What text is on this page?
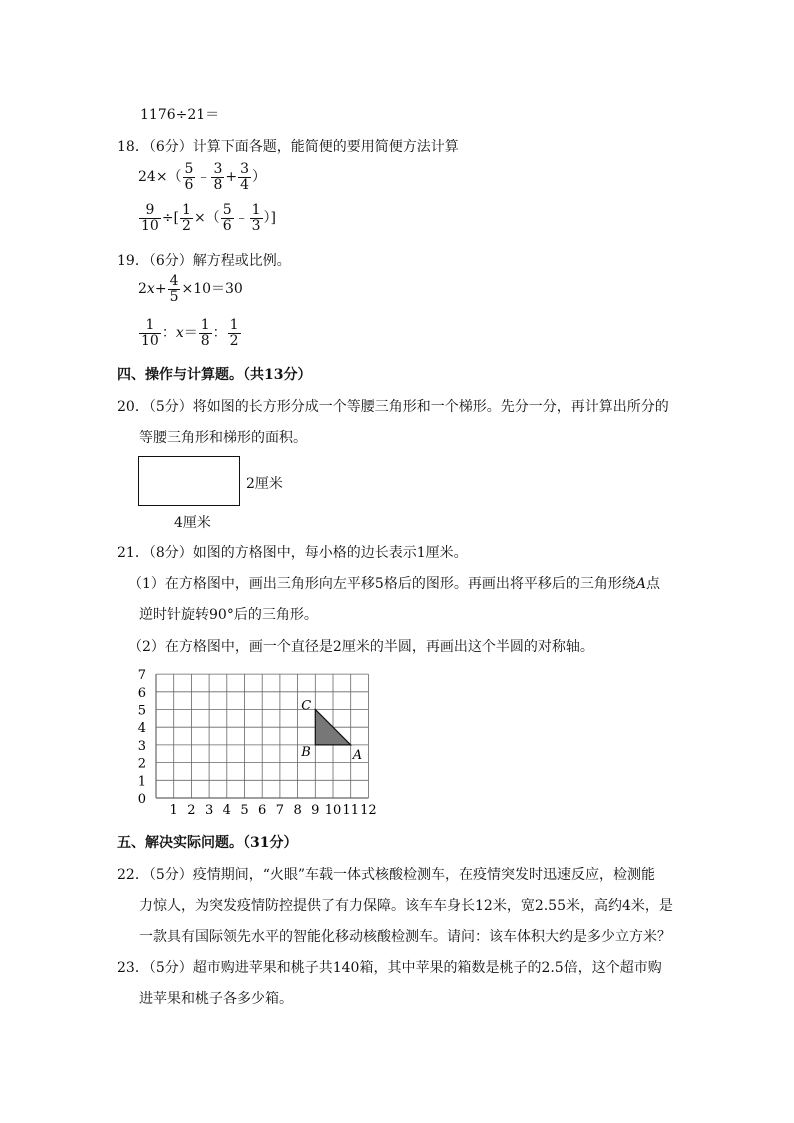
1176÷21＝
18．（6分）计算下面各题，能简便的要用简便方法计算
$24\times( \frac{5}{6}$ ﹣ $\frac{3}{8} + \frac{3}{4}$ ）
$\frac{9}{10}$ ÷[ $\frac{1}{2}$ ×（ $\frac{5}{6}$ ﹣ $\frac{1}{3}$ ）]
19．（6分）解方程或比例。
$2x+ \frac{4}{5} \times 10=30$
$\frac{1}{10}$ ：$x= \frac{1}{8}$ ： $\frac{1}{2}$
四、操作与计算题。（共13分）
20．（5分）将如图的长方形分成一个等腰三角形和一个梯形。先分一分，再计算出所分的
等腰三角形和梯形的面积。
2厘米
4厘米
21．（8分）如图的方格图中，每小格的边长表示1厘米。
（1）在方格图中，画出三角形向左平移5格后的图形。再画出将平移后的三角形绕A点
逆时针旋转90°后的三角形。
（2）在方格图中，画一个直径是2厘米的半圆，再画出这个半圆的对称轴。
A
B
C
1 2 3 4 5 6 7 8 9 10 11 12
0
1
2
3
4
5
6
7
五、解决实际问题。（31分）
22．（5分）疫情期间，“火眼”车载一体式核酸检测车，在疫情突发时迅速反应，检测能
力惊人，为突发疫情防控提供了有力保障。该车车身长12米，宽2.55米，高约4米，是
一款具有国际领先水平的智能化移动核酸检测车。请问：该车体积大约是多少立方米？
23．（5分）超市购进苹果和桃子共140箱，其中苹果的箱数是桃子的2.5倍，这个超市购
进苹果和桃子各多少箱。
